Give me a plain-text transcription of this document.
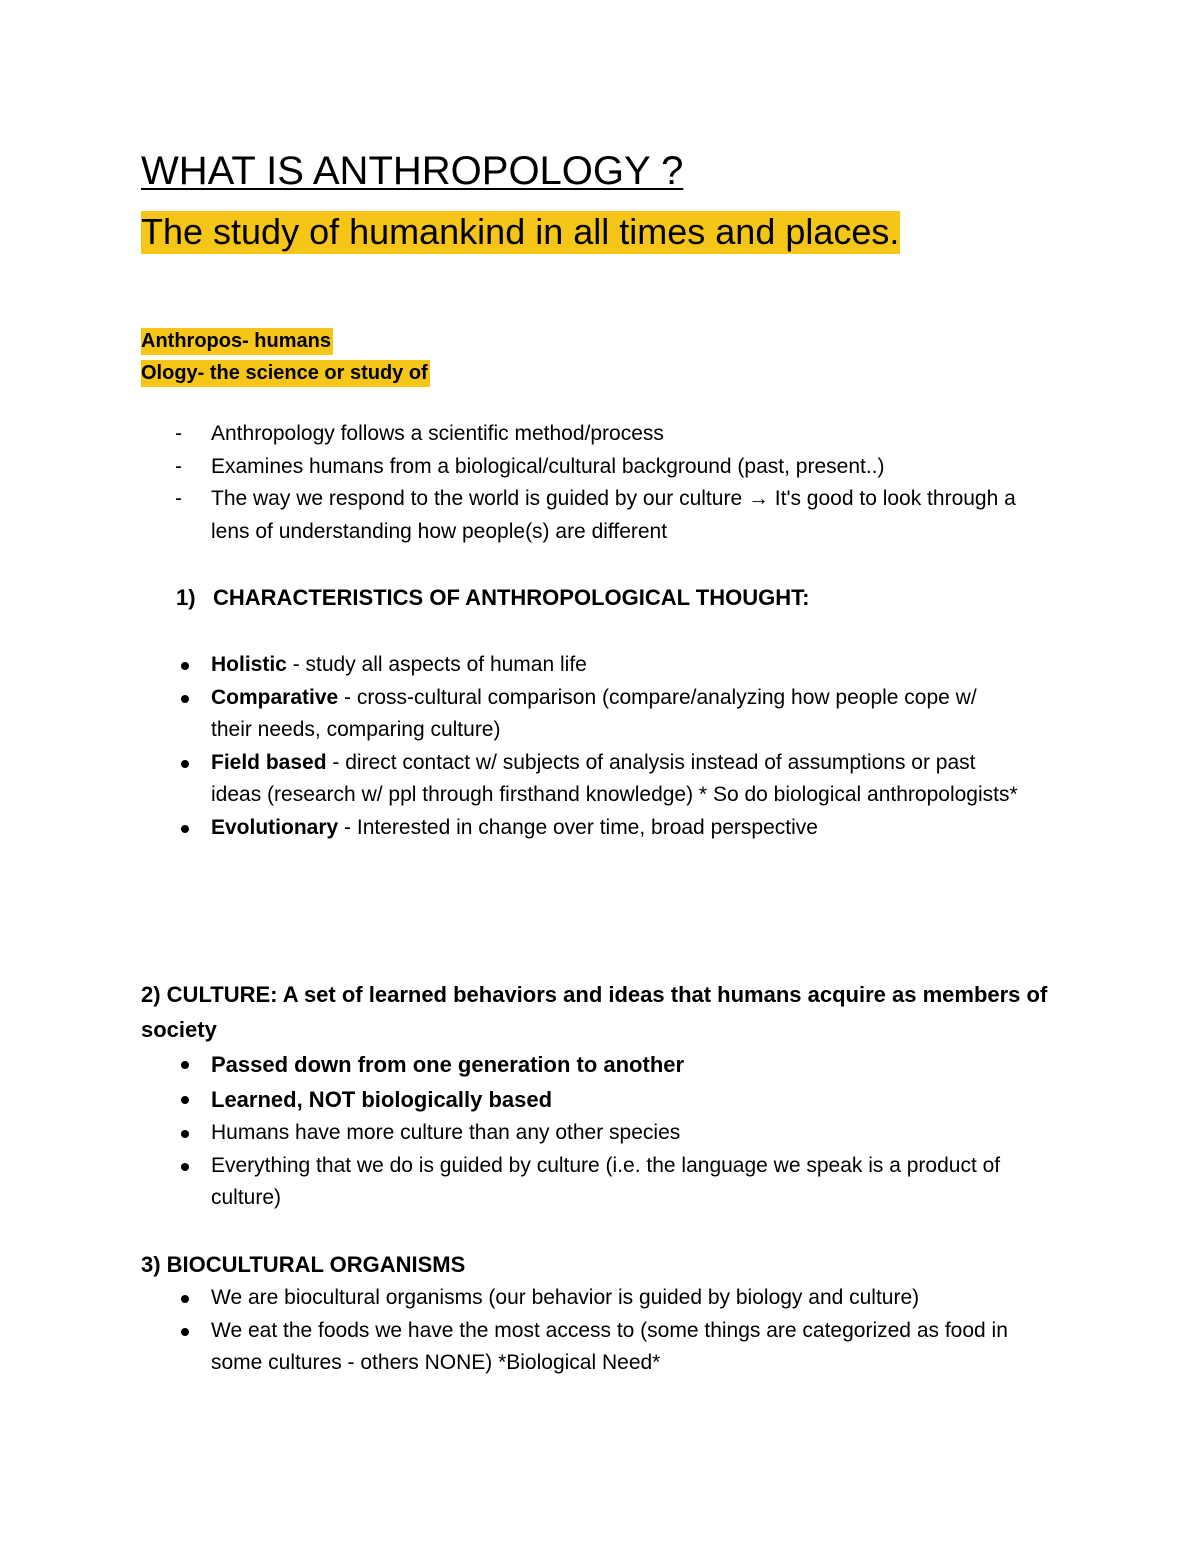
WHAT IS ANTHROPOLOGY ?

The study of humankind in all times and places.

Anthropos- humans
Ology- the science or study of
- Anthropology follows a scientific method/process
- Examines humans from a biological/cultural background (past, present..)
- The way we respond to the world is guided by our culture → It's good to look through a lens of understanding how people(s) are different
1) CHARACTERISTICS OF ANTHROPOLOGICAL THOUGHT:
Holistic - study all aspects of human life
Comparative - cross-cultural comparison (compare/analyzing how people cope w/ their needs, comparing culture)
Field based - direct contact w/ subjects of analysis instead of assumptions or past ideas (research w/ ppl through firsthand knowledge) * So do biological anthropologists*
Evolutionary - Interested in change over time, broad perspective
2) CULTURE: A set of learned behaviors and ideas that humans acquire as members of society
Passed down from one generation to another
Learned, NOT biologically based
Humans have more culture than any other species
Everything that we do is guided by culture (i.e. the language we speak is a product of culture)
3) BIOCULTURAL ORGANISMS
We are biocultural organisms (our behavior is guided by biology and culture)
We eat the foods we have the most access to (some things are categorized as food in some cultures - others NONE) *Biological Need*
